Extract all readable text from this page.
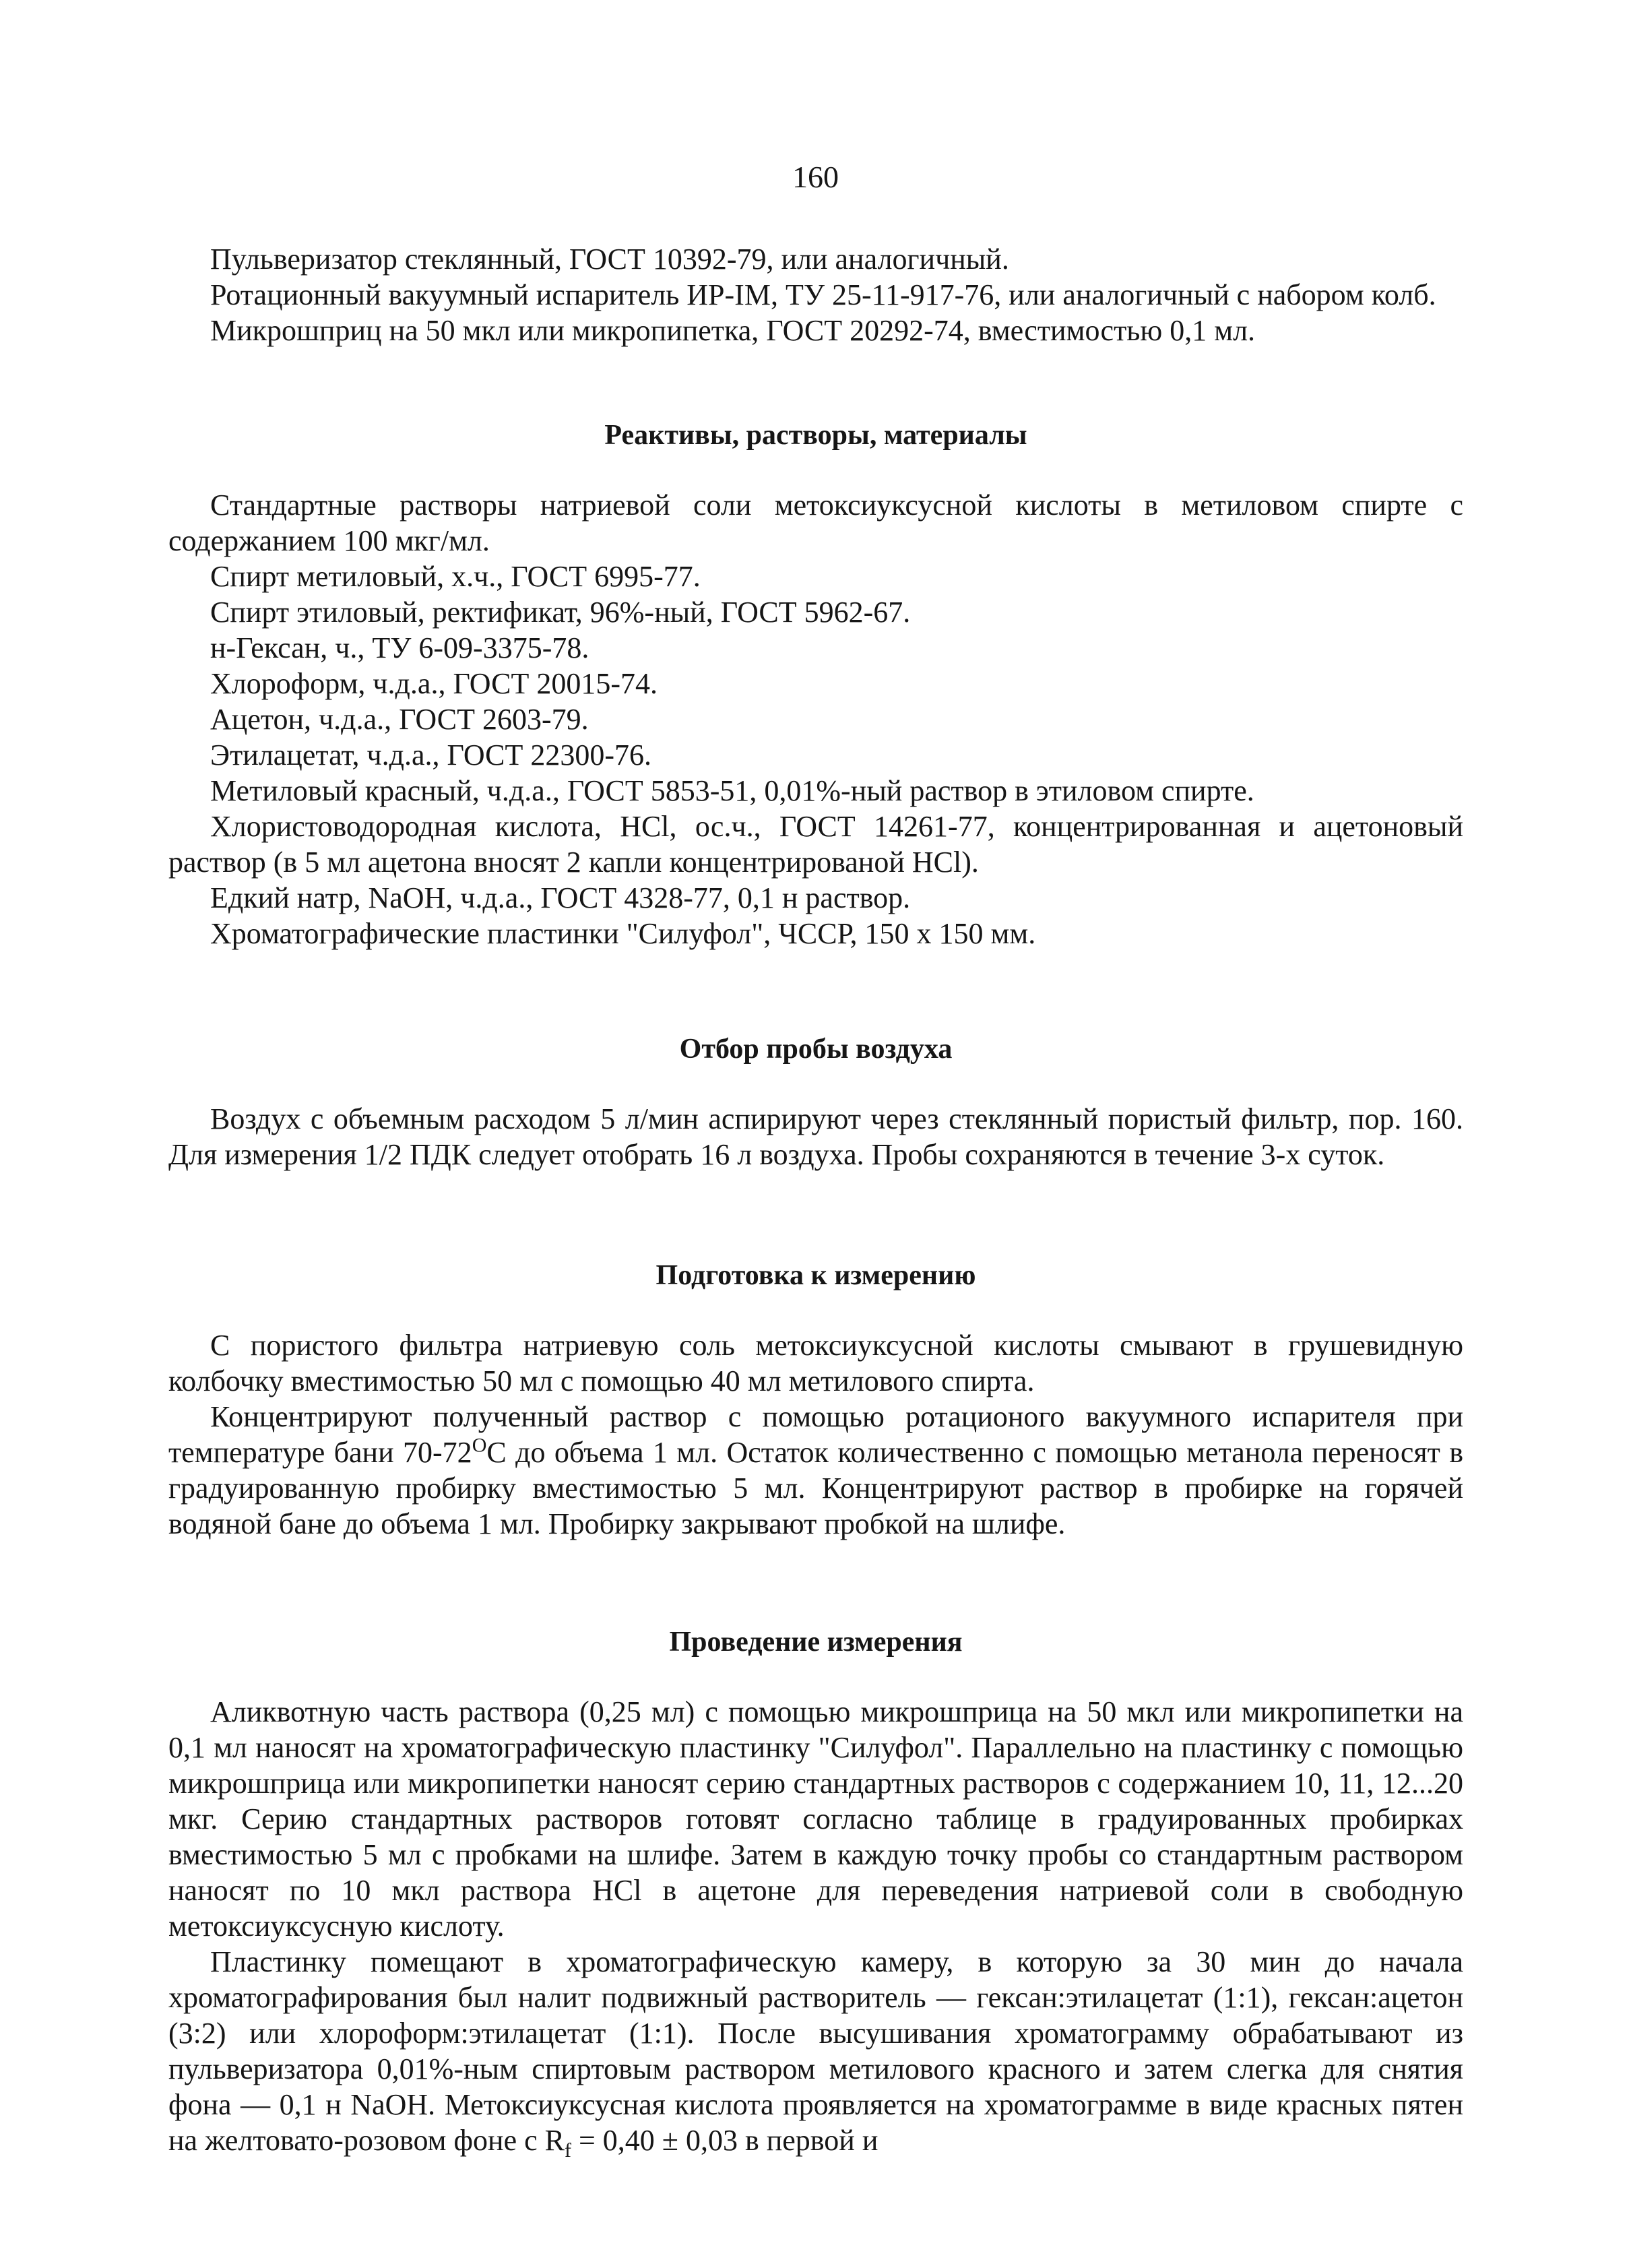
160

Пульверизатор стеклянный, ГОСТ 10392-79, или аналогичный.

Ротационный вакуумный испаритель ИР-IM, ТУ 25-11-917-76, или аналогичный с набором колб.

Микрошприц на 50 мкл или микропипетка, ГОСТ 20292-74, вместимостью 0,1 мл.

Реактивы, растворы, материалы

Стандартные растворы натриевой соли метоксиуксусной кислоты в метиловом спирте с содержанием 100 мкг/мл.

Спирт метиловый, х.ч., ГОСТ 6995-77.

Спирт этиловый, ректификат, 96%-ный, ГОСТ 5962-67.

н-Гексан, ч., ТУ 6-09-3375-78.

Хлороформ, ч.д.а., ГОСТ 20015-74.

Ацетон, ч.д.а., ГОСТ 2603-79.

Этилацетат, ч.д.а., ГОСТ 22300-76.

Метиловый красный, ч.д.а., ГОСТ 5853-51, 0,01%-ный раствор в этиловом спирте.

Хлористоводородная кислота, HCl, ос.ч., ГОСТ 14261-77, концентрированная и ацетоновый раствор (в 5 мл ацетона вносят 2 капли концентрированой HCl).

Едкий натр, NaOH, ч.д.а., ГОСТ 4328-77, 0,1 н раствор.

Хроматографические пластинки "Силуфол", ЧССР, 150 x 150 мм.

Отбор пробы воздуха

Воздух с объемным расходом 5 л/мин аспирируют через стеклянный пористый фильтр, пор. 160. Для измерения 1/2 ПДК следует отобрать 16 л воздуха. Пробы сохраняются в течение 3-х суток.

Подготовка к измерению

С пористого фильтра натриевую соль метоксиуксусной кислоты смывают в грушевидную колбочку вместимостью 50 мл с помощью 40 мл метилового спирта.

Концентрируют полученный раствор с помощью ротационого вакуумного испарителя при температуре бани $70-72^OC$ до объема 1 мл. Остаток количественно с помощью метанола переносят в градуированную пробирку вместимостью 5 мл. Концентрируют раствор в пробирке на горячей водяной бане до объема 1 мл. Пробирку закрывают пробкой на шлифе.

Проведение измерения

Аликвотную часть раствора (0,25 мл) с помощью микрошприца на 50 мкл или микропипетки на 0,1 мл наносят на хроматографическую пластинку "Силуфол". Параллельно на пластинку с помощью микрошприца или микропипетки наносят серию стандартных растворов с содержанием 10, 11, 12...20 мкг. Серию стандартных растворов готовят согласно таблице в градуированных пробирках вместимостью 5 мл с пробками на шлифе. Затем в каждую точку пробы со стандартным раствором наносят по 10 мкл раствора HCl в ацетоне для переведения натриевой соли в свободную метоксиуксусную кислоту.

Пластинку помещают в хроматографическую камеру, в которую за 30 мин до начала хроматографирования был налит подвижный растворитель — гексан:этилацетат (1:1), гексан:ацетон (3:2) или хлороформ:этилацетат (1:1). После высушивания хроматограмму обрабатывают из пульверизатора 0,01%-ным спиртовым раствором метилового красного и затем слегка для снятия фона — 0,1 н NaOH. Метоксиуксусная кислота проявляется на хроматограмме в виде красных пятен на желтовато-розовом фоне с $R_f = 0,40 \pm 0,03$ в первой и
